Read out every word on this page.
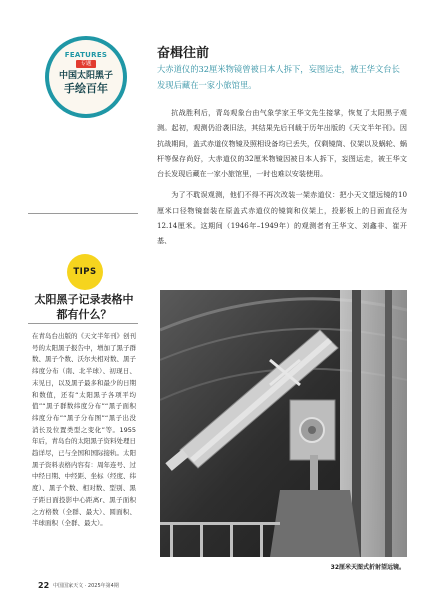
FEATURES
专题
中国太阳黑子
手绘百年
TIPS
太阳黑子记录表格中都有什么？
在青岛台出版的《天文半年刊》创刊号的太阳黑子报告中，增加了黑子群数、黑子个数、沃尔夫相对数、黑子纬度分布（南、北半球）、初现日、末见日，以及黑子最多和最少的日期和数值，还有“太阳黑子各项平均值”“黑子群数纬度分布”“黑子面积纬度分布”“黑子分布图”“黑子出没消长及位置类型之变化”等。1955年后，青岛台的太阳黑子资料处理日趋详尽，已与全国和国际接轨。太阳黑子资料表格内容有：周年连号、过中经日期、中经距、坐标（经度、纬度）、黑子个数、相对数、型别、黑子距日面投影中心距离r、黑子面积之方格数（全群、最大）、圆面积、半球面积（全群、最大）。
奋楫往前
大赤道仪的32厘米物镜曾被日本人拆下，妄图运走，被王华文台长发现后藏在一家小旅馆里。

抗战胜利后，青岛观象台由气象学家王华文先生接掌，恢复了太阳黑子观测。起初，观测仍沿袭旧法，其结果先后刊载于历年出版的《天文半年刊》。因抗战期间，盖式赤道仪物镜及照相设备均已丢失，仅剩镜筒、仪架以及蜗轮、蜗杆等保存尚好，大赤道仪的32厘米物镜因被日本人拆下，妄图运走，被王华文台长发现后藏在一家小旅馆里，一时也难以安装使用。

为了不耽误观测，他们不得不再次改装一架赤道仪：把小天文望远镜的10厘米口径物镜套装在原盖式赤道仪的镜筒和仪架上，投影板上的日面直径为12.14厘米。这期间（1946年–1949年）的观测者有王华文、刘鑫非、崔开基、

32厘米天图式折射望远镜。
22 中国国家天文 · 2025年第4期
